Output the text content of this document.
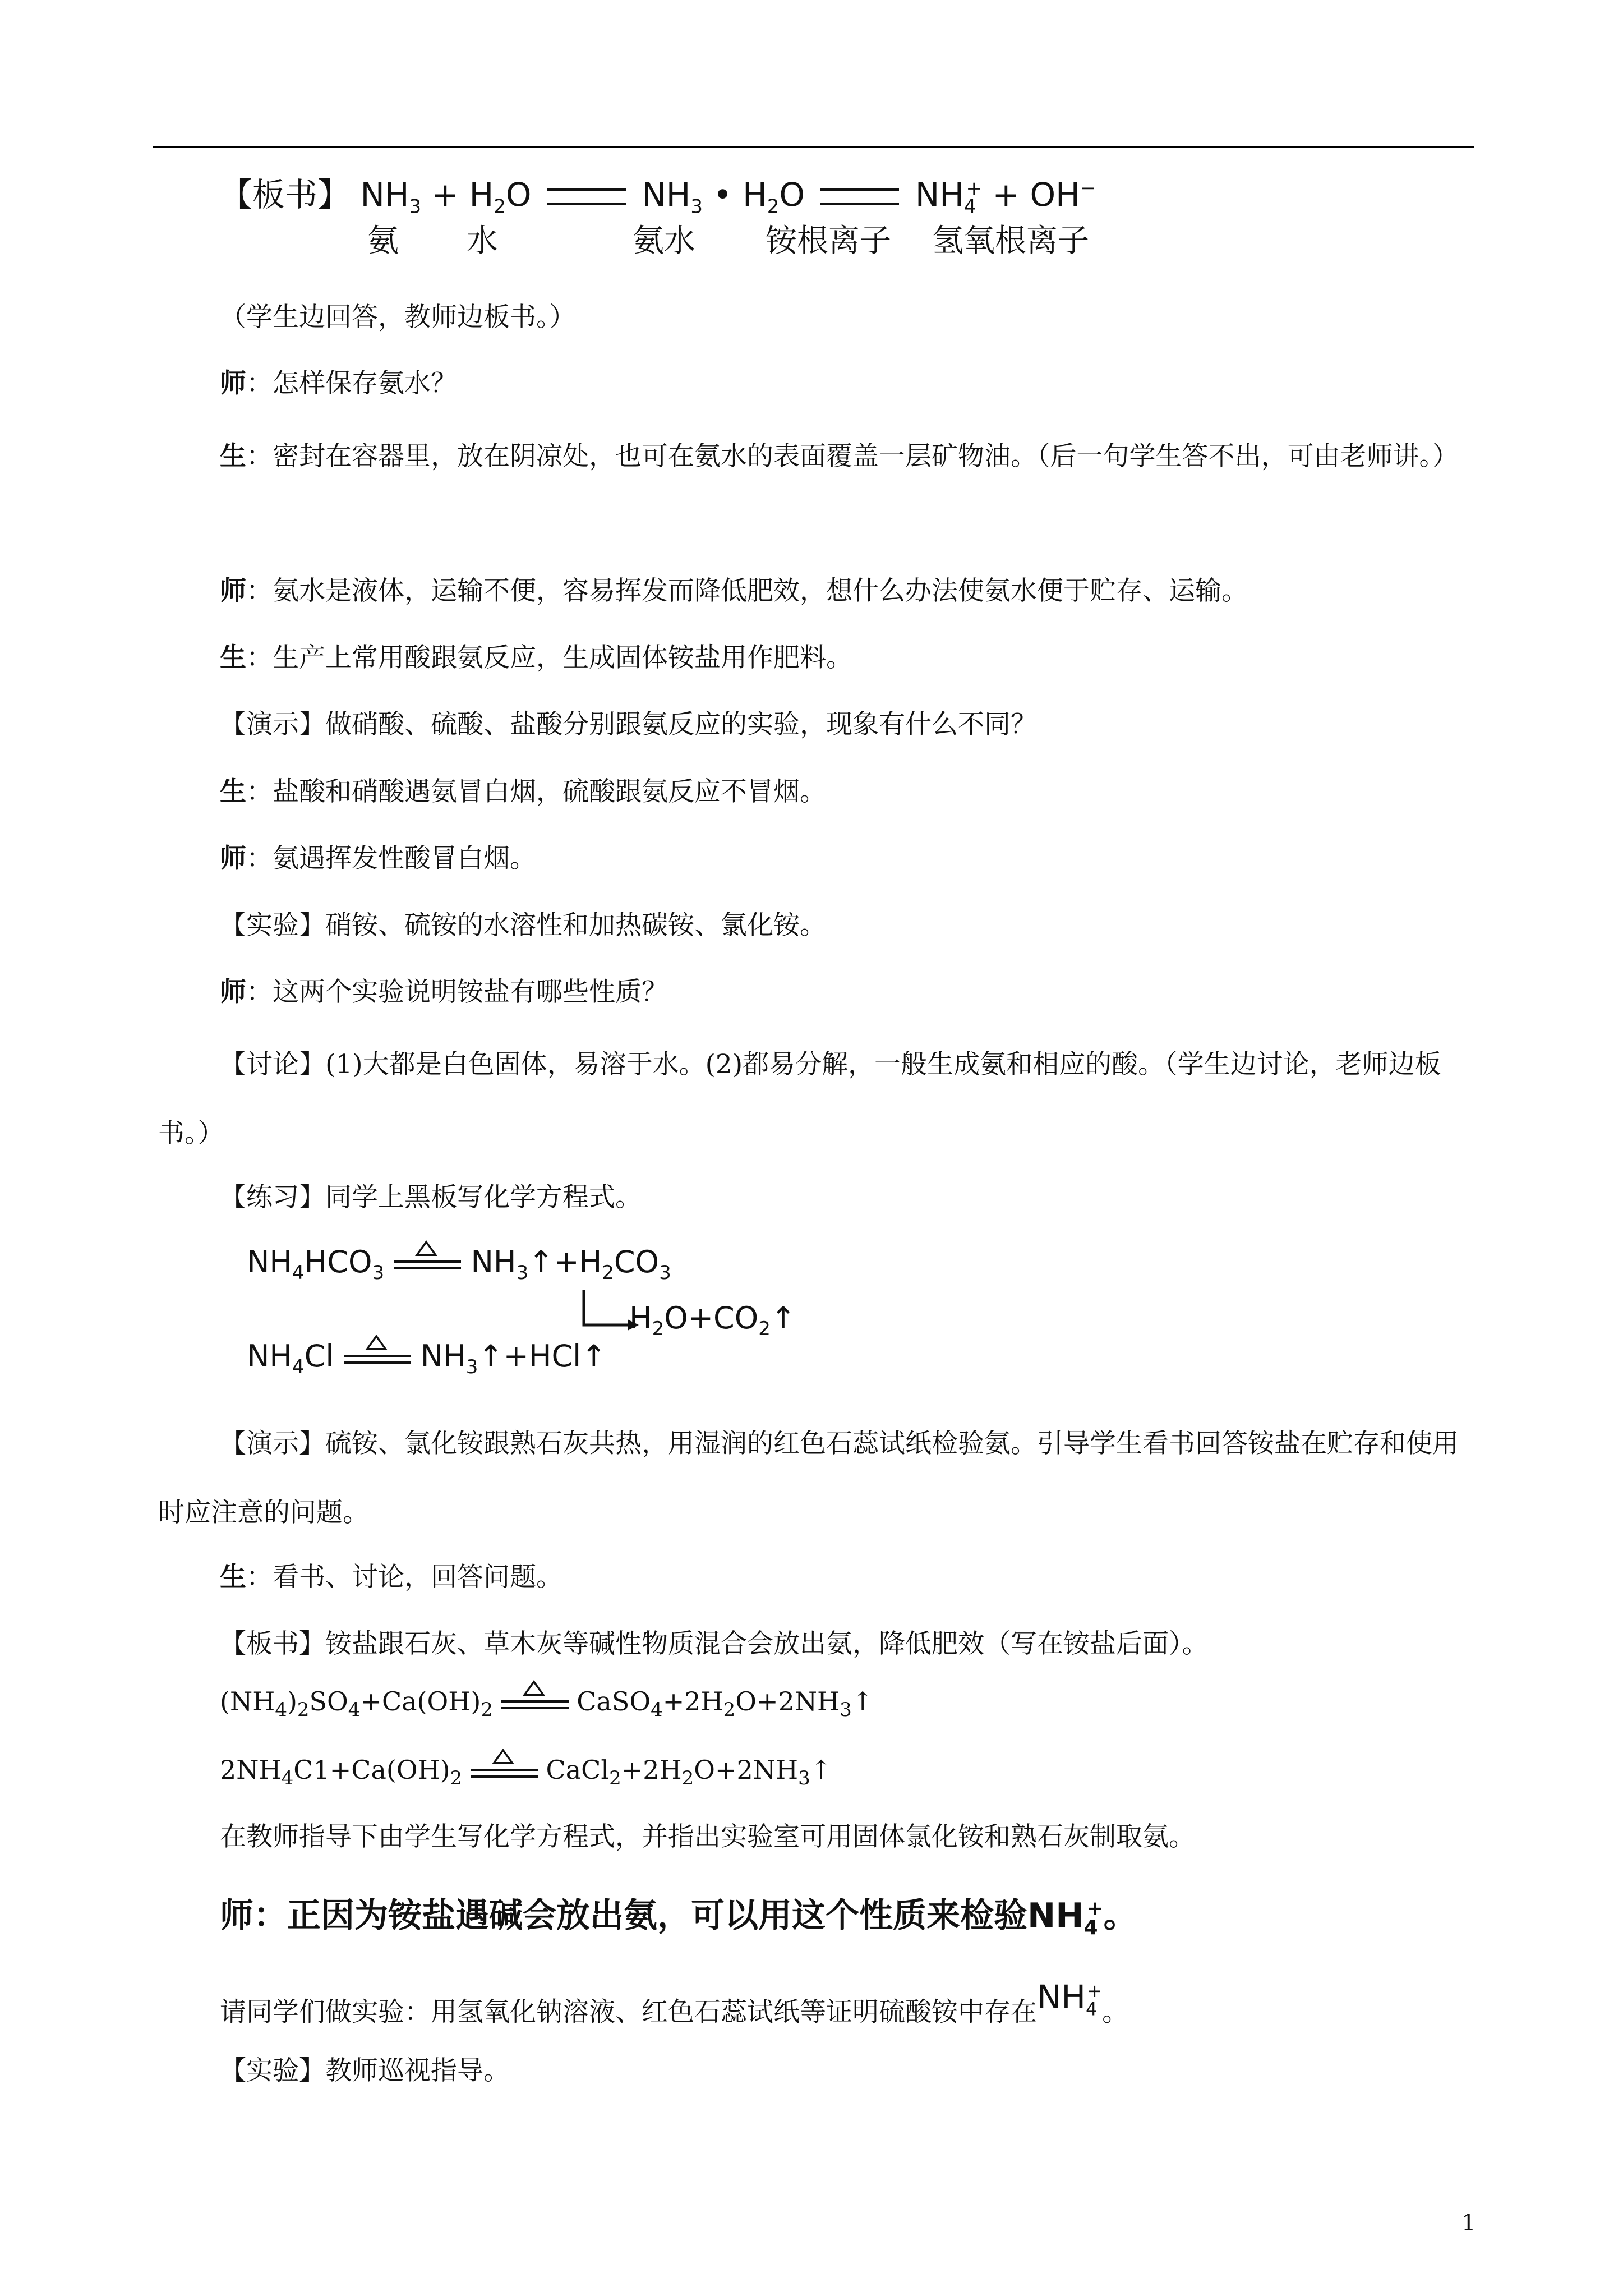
【板书】 $NH_3 + H_2O$	$NH_3$ • $H_2O$	$NH_4^+ + OH^-$
氨 水	氨水 铵根离子 氢氧根离子
（学生边回答，教师边板书。）
师：怎样保存氨水？
生：密封在容器里，放在阴凉处，也可在氨水的表面覆盖一层矿物油。（后一句学生答不出，可由老师讲。）
师：氨水是液体，运输不便，容易挥发而降低肥效，想什么办法使氨水便于贮存、运输。
生：生产上常用酸跟氨反应，生成固体铵盐用作肥料。
【演示】做硝酸、硫酸、盐酸分别跟氨反应的实验，现象有什么不同？
生：盐酸和硝酸遇氨冒白烟，硫酸跟氨反应不冒烟。
师：氨遇挥发性酸冒白烟。
【实验】硝铵、硫铵的水溶性和加热碳铵、氯化铵。
师：这两个实验说明铵盐有哪些性质？
【讨论】(1)大都是白色固体，易溶于水。(2)都易分解，一般生成氨和相应的酸。（学生边讨论，老师边板书。）
【练习】同学上黑板写化学方程式。
$NH_4HCO_3$	$NH_3↑+H_2CO_3$
$H_2O+CO_2↑$
$NH_4Cl$	$NH_3↑+HCl↑$
【演示】硫铵、氯化铵跟熟石灰共热，用湿润的红色石蕊试纸检验氨。引导学生看书回答铵盐在贮存和使用时应注意的问题。
生：看书、讨论，回答问题。
【板书】铵盐跟石灰、草木灰等碱性物质混合会放出氨，降低肥效（写在铵盐后面）。
$(NH_4)_2SO_4+Ca(OH)_2$	$CaSO_4+2H_2O+2NH_3↑$
$2NH_4C1+Ca(OH)_2$	$CaCl_2+2H_2O+2NH_3↑$
在教师指导下由学生写化学方程式，并指出实验室可用固体氯化铵和熟石灰制取氨。
师：正因为铵盐遇碱会放出氨，可以用这个性质来检验$NH_4^+$。
请同学们做实验：用氢氧化钠溶液、红色石蕊试纸等证明硫酸铵中存在$NH_4^+$。
【实验】教师巡视指导。
1
